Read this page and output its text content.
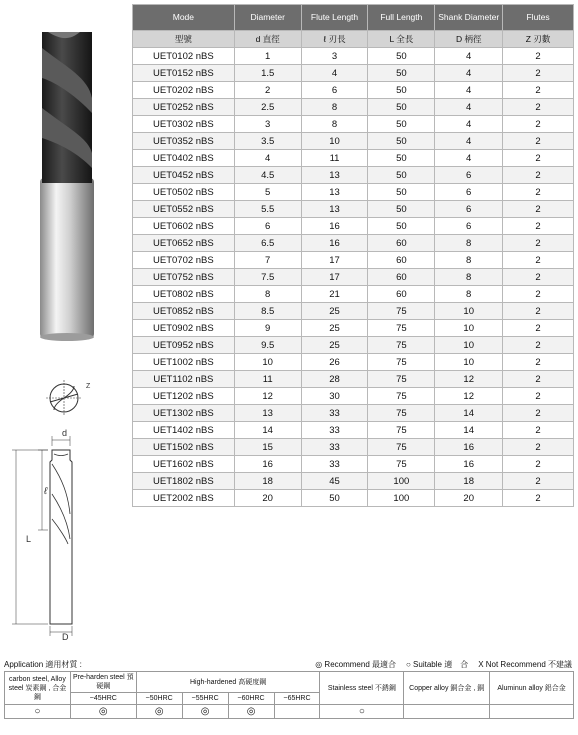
Mode	Diameter	Flute Length	Full Length	Shank Diameter	Flutes
型號	d 直徑	ℓ 刃長	L 全長	D 柄徑	Z 刃數
UET0102 nBS	1	3	50	4	2
UET0152 nBS	1.5	4	50	4	2
UET0202 nBS	2	6	50	4	2
UET0252 nBS	2.5	8	50	4	2
UET0302 nBS	3	8	50	4	2
UET0352 nBS	3.5	10	50	4	2
UET0402 nBS	4	11	50	4	2
UET0452 nBS	4.5	13	50	6	2
UET0502 nBS	5	13	50	6	2
UET0552 nBS	5.5	13	50	6	2
UET0602 nBS	6	16	50	6	2
UET0652 nBS	6.5	16	60	8	2
UET0702 nBS	7	17	60	8	2
UET0752 nBS	7.5	17	60	8	2
UET0802 nBS	8	21	60	8	2
UET0852 nBS	8.5	25	75	10	2
UET0902 nBS	9	25	75	10	2
UET0952 nBS	9.5	25	75	10	2
UET1002 nBS	10	26	75	10	2
UET1102 nBS	11	28	75	12	2
UET1202 nBS	12	30	75	12	2
UET1302 nBS	13	33	75	14	2
UET1402 nBS	14	33	75	14	2
UET1502 nBS	15	33	75	16	2
UET1602 nBS	16	33	75	16	2
UET1802 nBS	18	45	100	18	2
UET2002 nBS	20	50	100	20	2
Z
d
ℓ
L
D
Application 適用材質 :	◎ Recommend 最適合 ○ Suitable 適　合 X Not Recommend 不建議
carbon steel, Alloy steel 炭素鋼 , 合金鋼	Pre-harden steel 預硬鋼	High-hardened 高硬度鋼				Stainless steel 不銹鋼	Copper alloy 銅合金 , 銅	Aluminun alloy 鋁合金
	~45HRC	~50HRC	~55HRC	~60HRC	~65HRC			
○	◎	◎	◎	◎		○		
